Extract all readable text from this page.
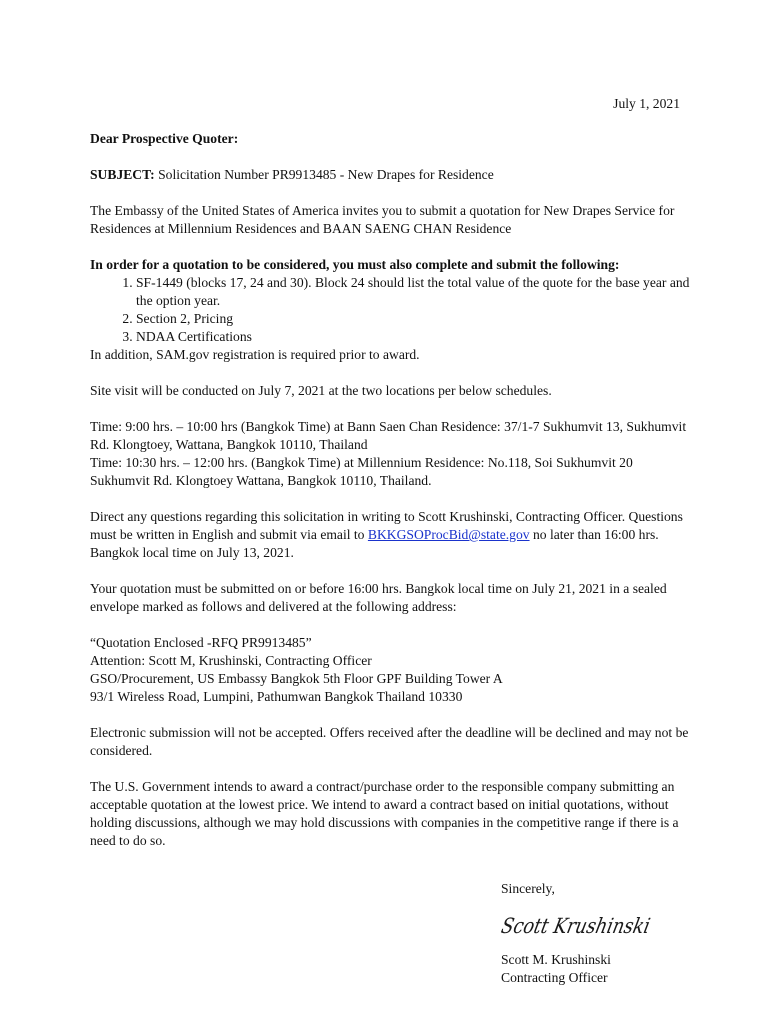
July 1, 2021

Dear Prospective Quoter:

SUBJECT: Solicitation Number PR9913485 - New Drapes for Residence

The Embassy of the United States of America invites you to submit a quotation for New Drapes Service for Residences at Millennium Residences and BAAN SAENG CHAN Residence

In order for a quotation to be considered, you must also complete and submit the following:
1. SF-1449 (blocks 17, 24 and 30). Block 24 should list the total value of the quote for the base year and the option year.
2. Section 2, Pricing
3. NDAA Certifications

In addition, SAM.gov registration is required prior to award.

Site visit will be conducted on July 7, 2021 at the two locations per below schedules.

Time: 9:00 hrs. – 10:00 hrs (Bangkok Time) at Bann Saen Chan Residence: 37/1-7 Sukhumvit 13, Sukhumvit Rd. Klongtoey, Wattana, Bangkok 10110, Thailand
Time: 10:30 hrs. – 12:00 hrs. (Bangkok Time) at Millennium Residence: No.118, Soi Sukhumvit 20 Sukhumvit Rd. Klongtoey Wattana, Bangkok 10110, Thailand.

Direct any questions regarding this solicitation in writing to Scott Krushinski, Contracting Officer. Questions must be written in English and submit via email to BKKGSOProcBid@state.gov no later than 16:00 hrs. Bangkok local time on July 13, 2021.

Your quotation must be submitted on or before 16:00 hrs. Bangkok local time on July 21, 2021 in a sealed envelope marked as follows and delivered at the following address:

“Quotation Enclosed -RFQ PR9913485”
Attention: Scott M, Krushinski, Contracting Officer
GSO/Procurement, US Embassy Bangkok 5th Floor GPF Building Tower A
93/1 Wireless Road, Lumpini, Pathumwan Bangkok Thailand 10330

Electronic submission will not be accepted. Offers received after the deadline will be declined and may not be considered.

The U.S. Government intends to award a contract/purchase order to the responsible company submitting an acceptable quotation at the lowest price. We intend to award a contract based on initial quotations, without holding discussions, although we may hold discussions with companies in the competitive range if there is a need to do so.

Sincerely,
Scott Krushinski
Scott M. Krushinski
Contracting Officer
